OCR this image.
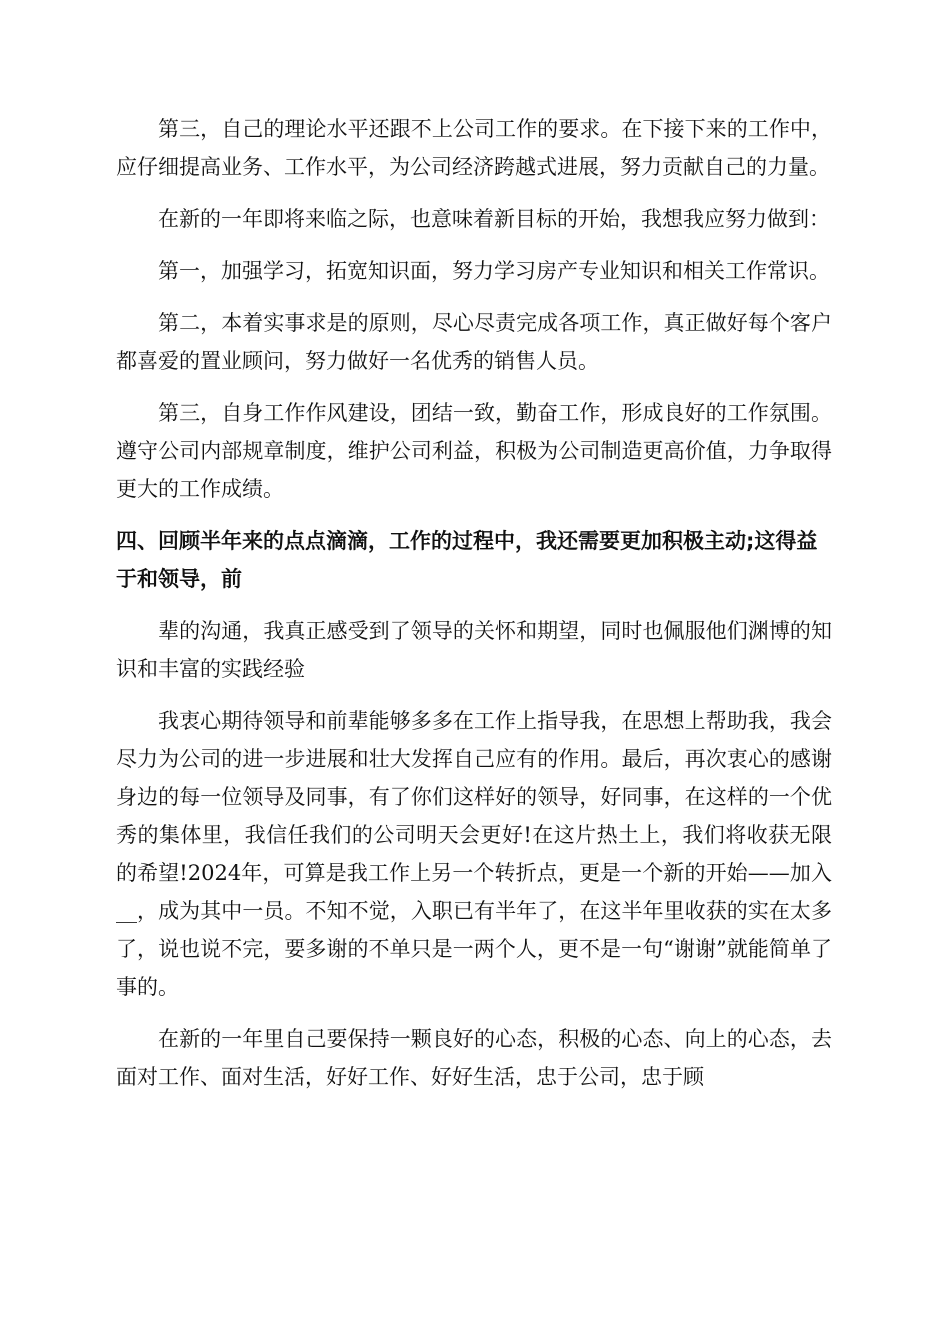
第三，自己的理论水平还跟不上公司工作的要求。在下接下来的工作中，应仔细提高业务、工作水平，为公司经济跨越式进展，努力贡献自己的力量。

在新的一年即将来临之际，也意味着新目标的开始，我想我应努力做到：

第一，加强学习，拓宽知识面，努力学习房产专业知识和相关工作常识。

第二，本着实事求是的原则，尽心尽责完成各项工作，真正做好每个客户都喜爱的置业顾问，努力做好一名优秀的销售人员。

第三，自身工作作风建设，团结一致，勤奋工作，形成良好的工作氛围。遵守公司内部规章制度，维护公司利益，积极为公司制造更高价值，力争取得更大的工作成绩。

四、回顾半年来的点点滴滴，工作的过程中，我还需要更加积极主动;这得益于和领导，前

辈的沟通，我真正感受到了领导的关怀和期望，同时也佩服他们渊博的知识和丰富的实践经验

我衷心期待领导和前辈能够多多在工作上指导我，在思想上帮助我，我会尽力为公司的进一步进展和壮大发挥自己应有的作用。最后，再次衷心的感谢身边的每一位领导及同事，有了你们这样好的领导，好同事，在这样的一个优秀的集体里，我信任我们的公司明天会更好!在这片热土上，我们将收获无限的希望!2024年，可算是我工作上另一个转折点，更是一个新的开始——加入__，成为其中一员。不知不觉，入职已有半年了，在这半年里收获的实在太多了，说也说不完，要多谢的不单只是一两个人，更不是一句“谢谢”就能简单了事的。

在新的一年里自己要保持一颗良好的心态，积极的心态、向上的心态，去面对工作、面对生活，好好工作、好好生活，忠于公司，忠于顾
